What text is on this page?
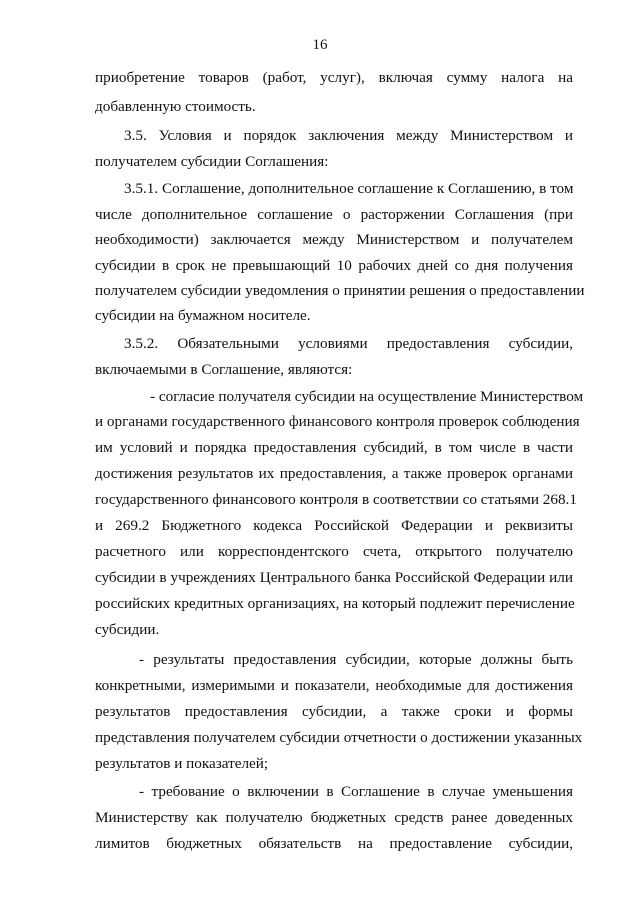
16
приобретение товаров (работ, услуг), включая сумму налога на
добавленную стоимость.
3.5. Условия и порядок заключения между Министерством и
получателем субсидии Соглашения:
3.5.1. Соглашение, дополнительное соглашение к Соглашению, в том
числе дополнительное соглашение о расторжении Соглашения (при
необходимости) заключается между Министерством и получателем
субсидии в срок не превышающий 10 рабочих дней со дня получения
получателем субсидии уведомления о принятии решения о предоставлении
субсидии на бумажном носителе.
3.5.2. Обязательными условиями предоставления субсидии,
включаемыми в Соглашение, являются:
- согласие получателя субсидии на осуществление Министерством
и органами государственного финансового контроля проверок соблюдения
им условий и порядка предоставления субсидий, в том числе в части
достижения результатов их предоставления, а также проверок органами
государственного финансового контроля в соответствии со статьями 268.1
и 269.2 Бюджетного кодекса Российской Федерации и реквизиты
расчетного или корреспондентского счета, открытого получателю
субсидии в учреждениях Центрального банка Российской Федерации или
российских кредитных организациях, на который подлежит перечисление
субсидии.
- результаты предоставления субсидии, которые должны быть
конкретными, измеримыми и показатели, необходимые для достижения
результатов предоставления субсидии, а также сроки и формы
представления получателем субсидии отчетности о достижении указанных
результатов и показателей;
- требование о включении в Соглашение в случае уменьшения
Министерству как получателю бюджетных средств ранее доведенных
лимитов бюджетных обязательств на предоставление субсидии,
